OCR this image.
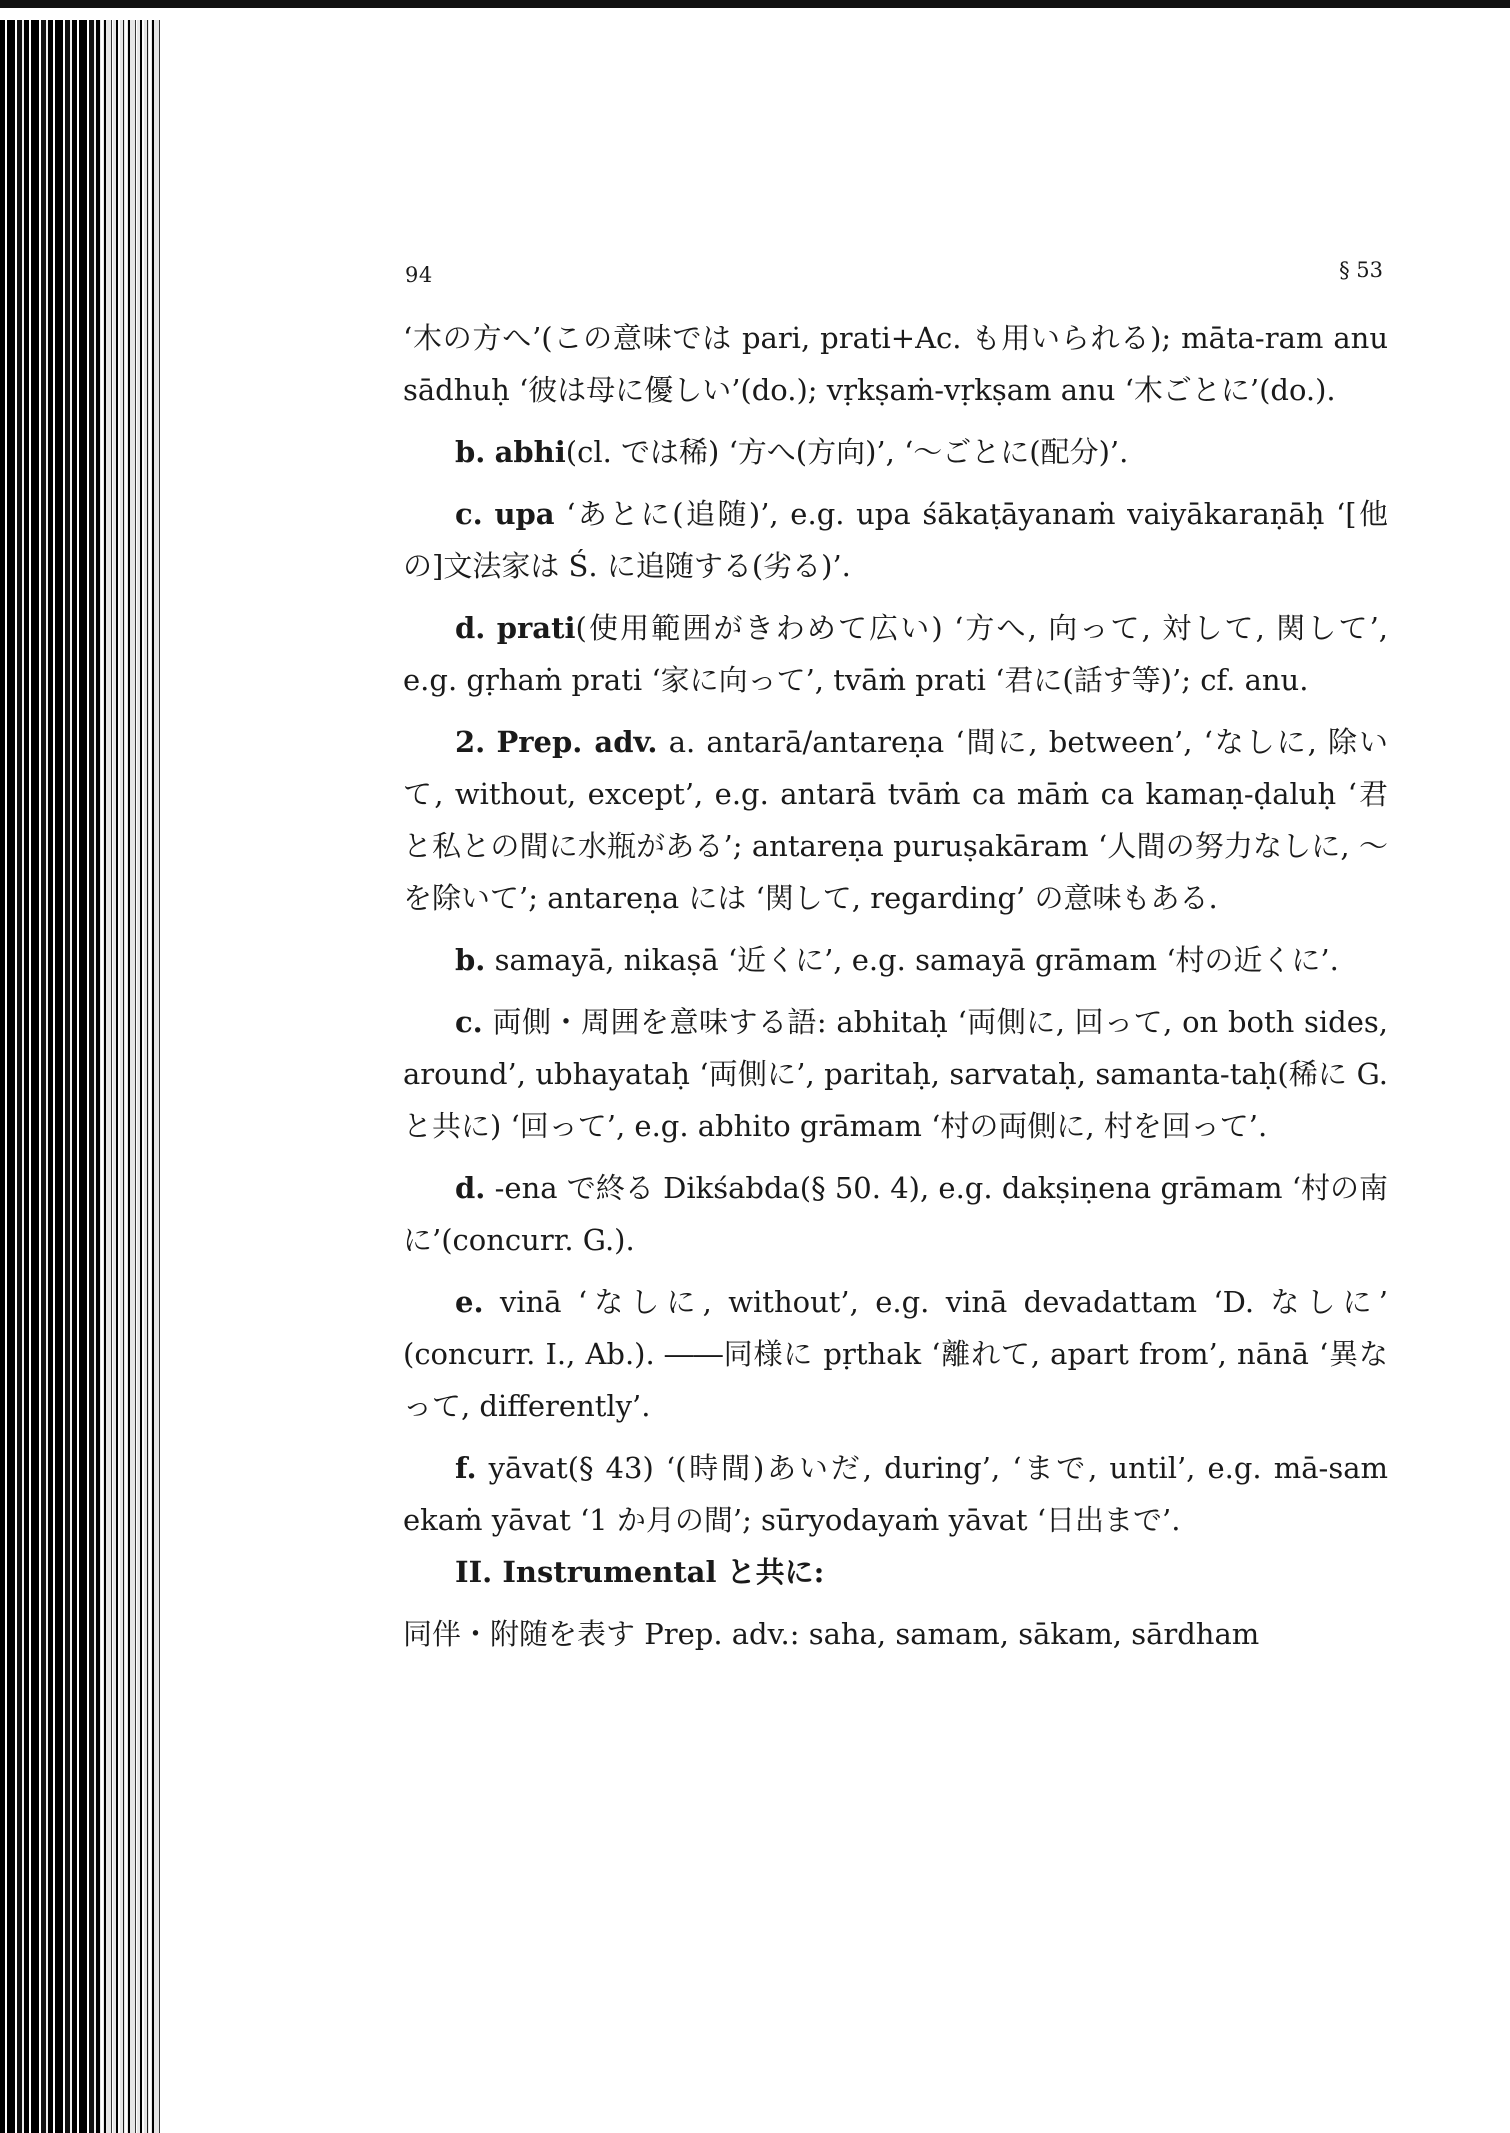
94	§ 53

‘木の方へ’(この意味では pari, prati+Ac. も用いられる); māta-ram anu sādhuḥ ‘彼は母に優しい’(do.); vṛkṣaṁ-vṛkṣam anu ‘木ごとに’(do.).

b. abhi(cl. では稀) ‘方へ(方向)’, ‘～ごとに(配分)’.

c. upa ‘あとに(追随)’, e.g. upa śākaṭāyanaṁ vaiyākaraṇāḥ ‘[他の]文法家は Ś. に追随する(劣る)’.

d. prati(使用範囲がきわめて広い) ‘方へ, 向って, 対して, 関して’, e.g. gṛhaṁ prati ‘家に向って’, tvāṁ prati ‘君に(話す等)’; cf. anu.

2. Prep. adv. a. antarā/antareṇa ‘間に, between’, ‘なしに, 除いて, without, except’, e.g. antarā tvāṁ ca māṁ ca kamaṇ-ḍaluḥ ‘君と私との間に水瓶がある’; antareṇa puruṣakāram ‘人間の努力なしに, ～を除いて’; antareṇa には ‘関して, regarding’ の意味もある.

b. samayā, nikaṣā ‘近くに’, e.g. samayā grāmam ‘村の近くに’.

c. 両側・周囲を意味する語: abhitaḥ ‘両側に, 回って, on both sides, around’, ubhayataḥ ‘両側に’, paritaḥ, sarvataḥ, samanta-taḥ(稀に G. と共に) ‘回って’, e.g. abhito grāmam ‘村の両側に, 村を回って’.

d. -ena で終る Dikśabda(§ 50. 4), e.g. dakṣiṇena grāmam ‘村の南に’(concurr. G.).

e. vinā ‘なしに, without’, e.g. vinā devadattam ‘D. なしに’ (concurr. I., Ab.). ――同様に pṛthak ‘離れて, apart from’, nānā ‘異なって, differently’.

f. yāvat(§ 43) ‘(時間)あいだ, during’, ‘まで, until’, e.g. mā-sam ekaṁ yāvat ‘1 か月の間’; sūryodayaṁ yāvat ‘日出まで’.

II. Instrumental と共に:

同伴・附随を表す Prep. adv.: saha, samam, sākam, sārdham
